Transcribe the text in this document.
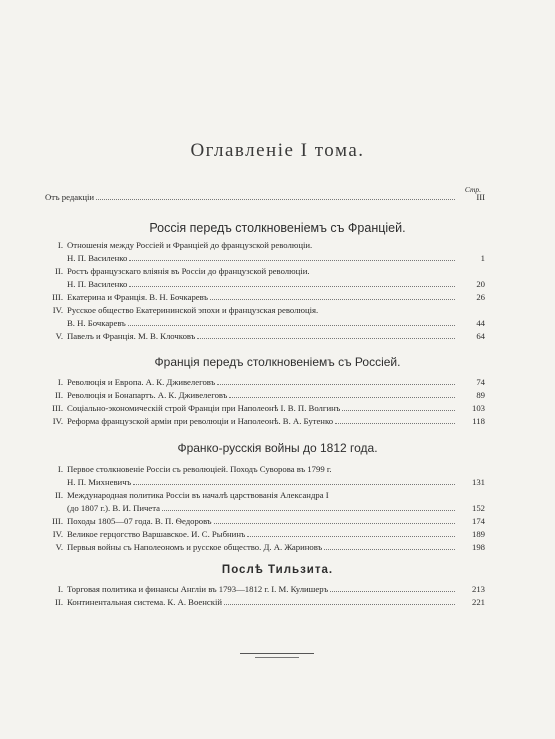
Оглавленіе I тома.
Стр.
Отъ редакціи	III
Россія передъ столкновеніемъ съ Франціей.
I. Отношенія между Россіей и Франціей до французской революціи.
Н. П. Василенко	1
II. Ростъ французскаго вліянія въ Россіи до французской революціи.
Н. П. Василенко	20
III. Екатерина и Франція. В. Н. Бочкаревъ	26
IV. Русское общество Екатерининской эпохи и французская революція.
В. Н. Бочкаревъ	44
V. Павелъ и Франція. М. В. Клочковъ	64
Франція передъ столкновеніемъ съ Россіей.
I. Революція и Европа. А. К. Дживелеговъ	74
II. Революція и Бонапартъ. А. К. Дживелеговъ	89
III. Соціально-экономическій строй Франціи при Наполеонѣ I. В. П. Волгинъ	103
IV. Реформа французской арміи при революціи и Наполеонѣ. В. А. Бутенко	118
Франко-русскія войны до 1812 года.
I. Первое столкновеніе Россіи съ революціей. Походъ Суворова въ 1799 г.
Н. П. Михневичъ	131
II. Международная политика Россіи въ началѣ царствованія Александра I
(до 1807 г.). В. И. Пичета	152
III. Походы 1805—07 года. В. П. Ѳедоровъ	174
IV. Великое герцогство Варшавское. И. С. Рыбнинъ	189
V. Первыя войны съ Наполеономъ и русское общество. Д. А. Жариновъ	198
Послѣ Тильзита.
I. Торговая политика и финансы Англіи въ 1793—1812 г. І. М. Кулишеръ	213
II. Континентальная система. К. А. Военскій	221
